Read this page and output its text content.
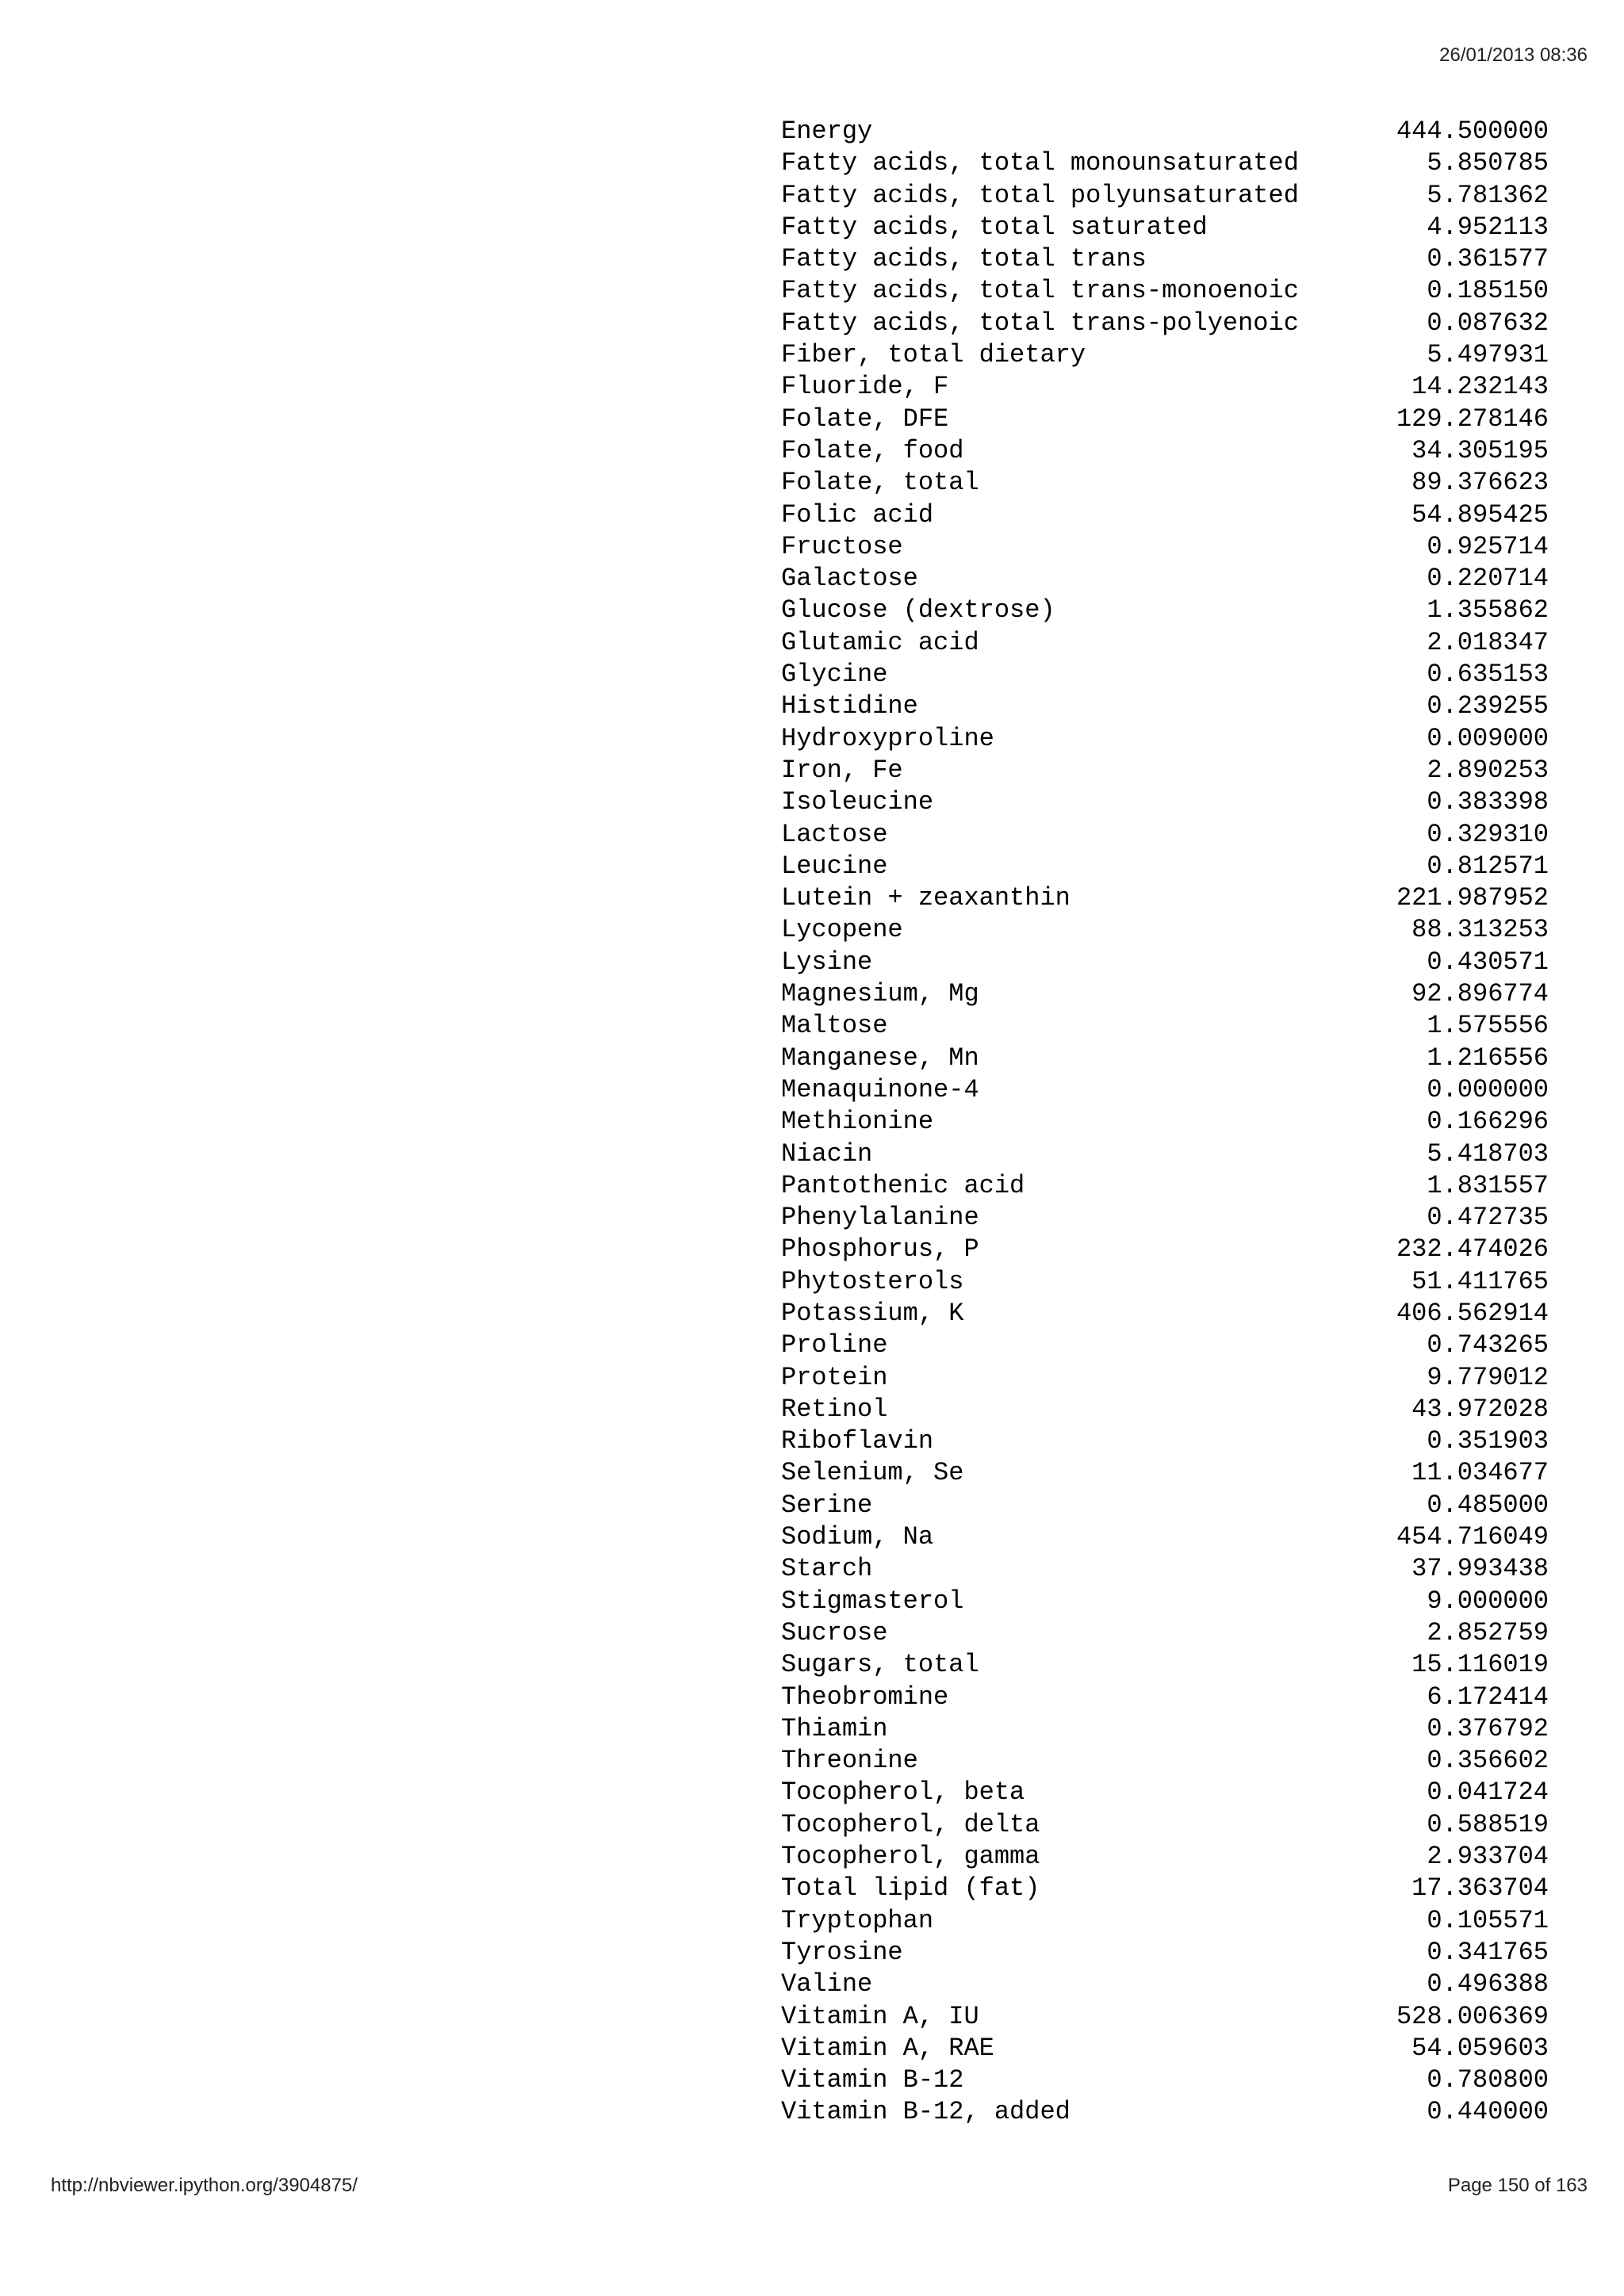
26/01/2013 08:36
Energy	444.500000
Fatty acids, total monounsaturated	5.850785
Fatty acids, total polyunsaturated	5.781362
Fatty acids, total saturated	4.952113
Fatty acids, total trans	0.361577
Fatty acids, total trans-monoenoic	0.185150
Fatty acids, total trans-polyenoic	0.087632
Fiber, total dietary	5.497931
Fluoride, F	14.232143
Folate, DFE	129.278146
Folate, food	34.305195
Folate, total	89.376623
Folic acid	54.895425
Fructose	0.925714
Galactose	0.220714
Glucose (dextrose)	1.355862
Glutamic acid	2.018347
Glycine	0.635153
Histidine	0.239255
Hydroxyproline	0.009000
Iron, Fe	2.890253
Isoleucine	0.383398
Lactose	0.329310
Leucine	0.812571
Lutein + zeaxanthin	221.987952
Lycopene	88.313253
Lysine	0.430571
Magnesium, Mg	92.896774
Maltose	1.575556
Manganese, Mn	1.216556
Menaquinone-4	0.000000
Methionine	0.166296
Niacin	5.418703
Pantothenic acid	1.831557
Phenylalanine	0.472735
Phosphorus, P	232.474026
Phytosterols	51.411765
Potassium, K	406.562914
Proline	0.743265
Protein	9.779012
Retinol	43.972028
Riboflavin	0.351903
Selenium, Se	11.034677
Serine	0.485000
Sodium, Na	454.716049
Starch	37.993438
Stigmasterol	9.000000
Sucrose	2.852759
Sugars, total	15.116019
Theobromine	6.172414
Thiamin	0.376792
Threonine	0.356602
Tocopherol, beta	0.041724
Tocopherol, delta	0.588519
Tocopherol, gamma	2.933704
Total lipid (fat)	17.363704
Tryptophan	0.105571
Tyrosine	0.341765
Valine	0.496388
Vitamin A, IU	528.006369
Vitamin A, RAE	54.059603
Vitamin B-12	0.780800
Vitamin B-12, added	0.440000
http://nbviewer.ipython.org/3904875/	Page 150 of 163
